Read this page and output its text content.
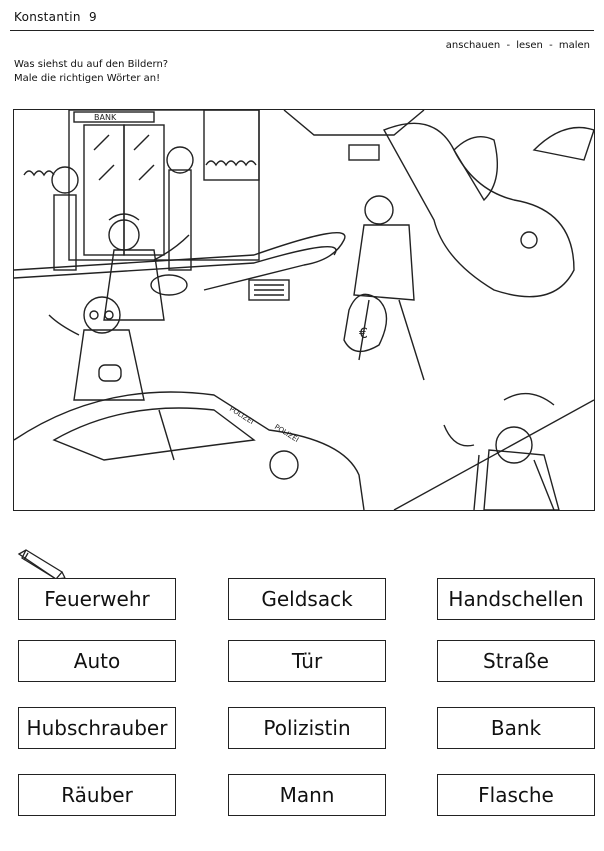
Konstantin 9
anschauen - lesen - malen
Was siehst du auf den Bildern?
Male die richtigen Wörter an!
BANK
POLIZEI
POLIZEI
€
Feuerwehr	Geldsack	Handschellen
Auto	Tür	Straße
Hubschrauber	Polizistin	Bank
Räuber	Mann	Flasche
